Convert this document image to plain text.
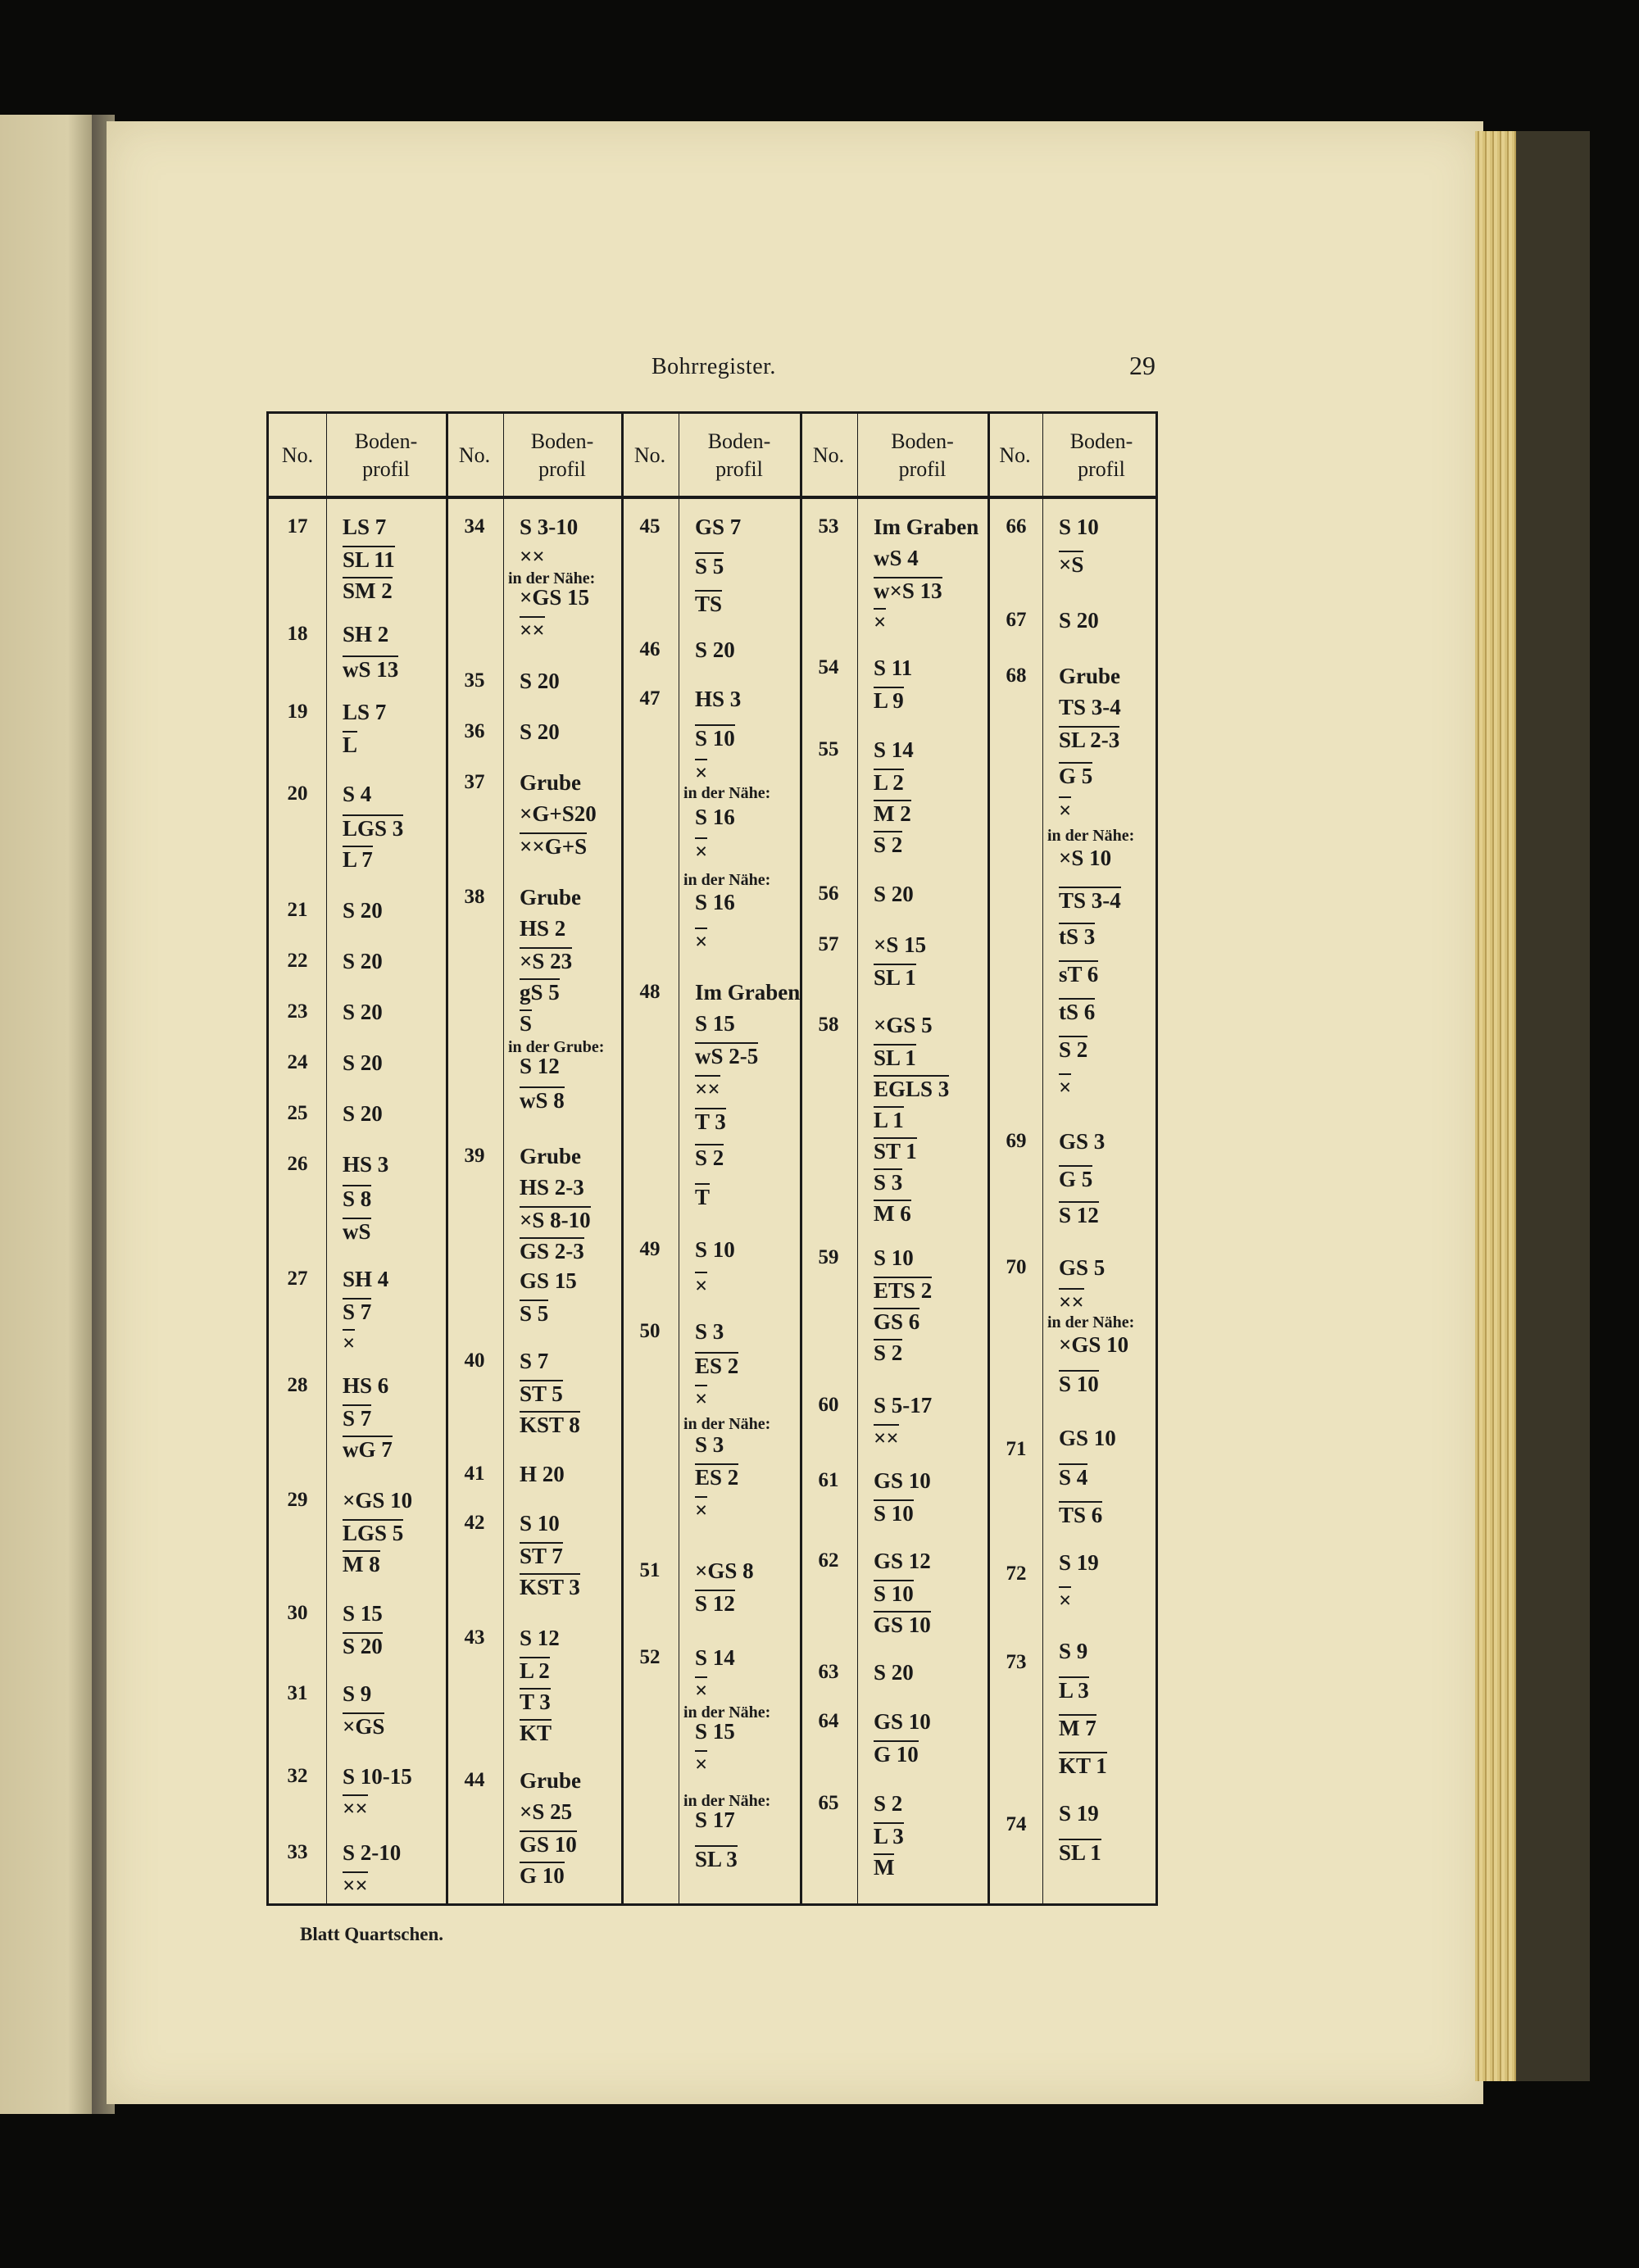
Bohrregister.	29
No.
Boden-
profil
17
18
19
20
21
22
23
24
25
26
27
28
29
30
31
32
33
LS 7
SL 11
SM 2
SH 2
wS 13
LS 7
L
S 4
LGS 3
L 7
S 20
S 20
S 20
S 20
S 20
HS 3
S 8
wS
SH 4
S 7
×
HS 6
S 7
wG 7
×GS 10
LGS 5
M 8
S 15
S 20
S 9
×GS
S 10-15
××
S 2-10
××
No.
Boden-
profil
34
35
36
37
38
39
40
41
42
43
44
S 3-10
××
in der Nähe:
×GS 15
××
S 20
S 20
Grube
×G+S20
××G+S
Grube
HS 2
×S 23
gS 5
S
in der Grube:
S 12
wS 8
Grube
HS 2-3
×S 8-10
GS 2-3
GS 15
S 5
S 7
ST 5
KST 8
H 20
S 10
ST 7
KST 3
S 12
L 2
T 3
KT
Grube
×S 25
GS 10
G 10
No.
Boden-
profil
45
46
47
48
49
50
51
52
GS 7
S 5
TS
S 20
HS 3
S 10
×
in der Nähe:
S 16
×
in der Nähe:
S 16
×
Im Graben
S 15
wS 2-5
××
T 3
S 2
T
S 10
×
S 3
ES 2
×
in der Nähe:
S 3
ES 2
×
×GS 8
S 12
S 14
×
in der Nähe:
S 15
×
in der Nähe:
S 17
SL 3
No.
Boden-
profil
53
54
55
56
57
58
59
60
61
62
63
64
65
Im Graben
wS 4
w×S 13
×
S 11
L 9
S 14
L 2
M 2
S 2
S 20
×S 15
SL 1
×GS 5
SL 1
EGLS 3
L 1
ST 1
S 3
M 6
S 10
ETS 2
GS 6
S 2
S 5-17
××
GS 10
S 10
GS 12
S 10
GS 10
S 20
GS 10
G 10
S 2
L 3
M
No.
Boden-
profil
66
67
68
69
70
71
72
73
74
S 10
×S
S 20
Grube
TS 3-4
SL 2-3
G 5
×
in der Nähe:
×S 10
TS 3-4
tS 3
sT 6
tS 6
S 2
×
GS 3
G 5
S 12
GS 5
××
in der Nähe:
×GS 10
S 10
GS 10
S 4
TS 6
S 19
×
S 9
L 3
M 7
KT 1
S 19
SL 1
Blatt Quartschen.
